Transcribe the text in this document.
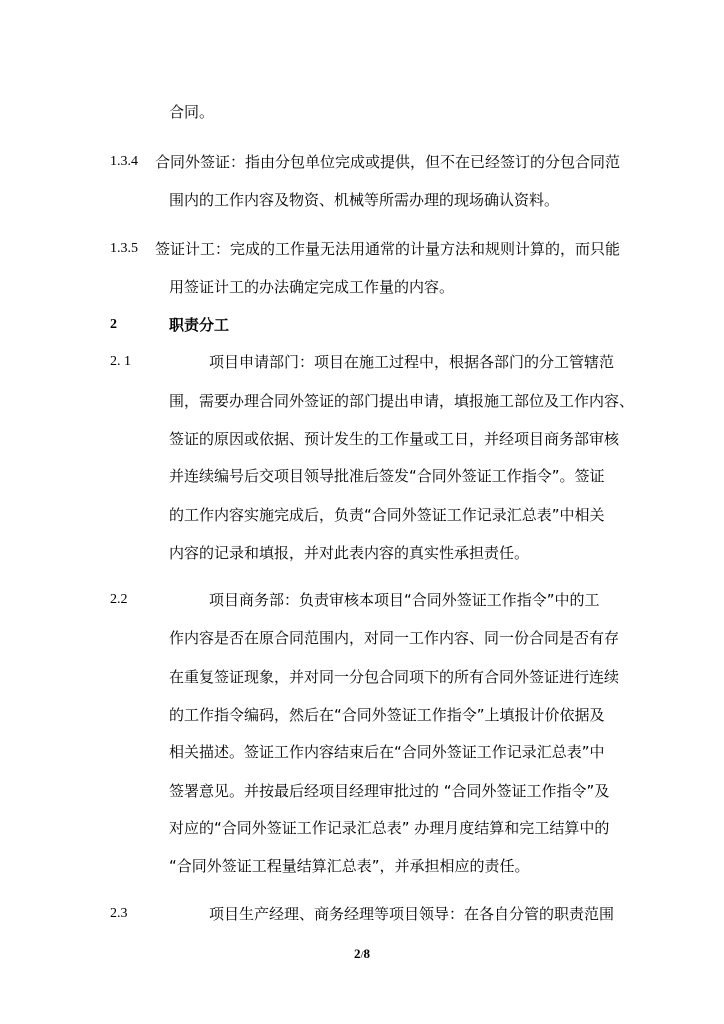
合同。
1.3.4 合同外签证：指由分包单位完成或提供，但不在已经签订的分包合同范
围内的工作内容及物资、机械等所需办理的现场确认资料。
1.3.5 签证计工：完成的工作量无法用通常的计量方法和规则计算的，而只能
用签证计工的办法确定完成工作量的内容。
2	职责分工
2. 1	项目申请部门：项目在施工过程中，根据各部门的分工管辖范
围，需要办理合同外签证的部门提出申请，填报施工部位及工作内容、
签证的原因或依据、预计发生的工作量或工日，并经项目商务部审核
并连续编号后交项目领导批准后签发“合同外签证工作指令”。签证
的工作内容实施完成后，负责“合同外签证工作记录汇总表”中相关
内容的记录和填报，并对此表内容的真实性承担责任。
2.2	项目商务部：负责审核本项目“合同外签证工作指令”中的工
作内容是否在原合同范围内，对同一工作内容、同一份合同是否有存
在重复签证现象，并对同一分包合同项下的所有合同外签证进行连续
的工作指令编码，然后在“合同外签证工作指令”上填报计价依据及
相关描述。签证工作内容结束后在“合同外签证工作记录汇总表”中
签署意见。并按最后经项目经理审批过的 “合同外签证工作指令”及
对应的“合同外签证工作记录汇总表” 办理月度结算和完工结算中的
“合同外签证工程量结算汇总表”，并承担相应的责任。
2.3	项目生产经理、商务经理等项目领导：在各自分管的职责范围
2/8
